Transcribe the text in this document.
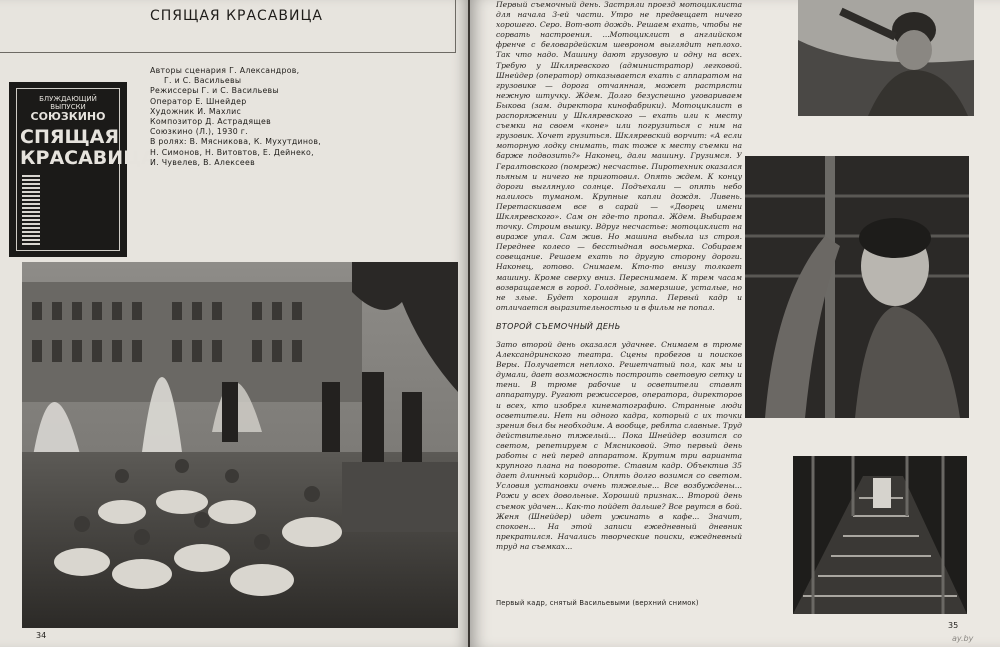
СПЯЩАЯ КРАСАВИЦА
БЛУЖДАЮЩИЙ ВЫПУСКИ
СОЮЗКИНО
СПЯЩАЯ
КРАСАВИЦА
Авторы сценария Г. Александров,
Г. и С. Васильевы
Режиссеры Г. и С. Васильевы
Оператор Е. Шнейдер
Художник И. Махлис
Композитор Д. Астрадящев
Союзкино (Л.), 1930 г.
В ролях: В. Мясникова, К. Мухутдинов,
Н. Симонов, Н. Витовтов, Е. Дейнеко,
И. Чувелев, В. Алексеев
34

Первый съемочный день. Застряли проезд мотоциклиста для начала 3-ей части. Утро не предвещает ничего хорошего. Серо. Вот-вот дождь. Решаем ехать, чтобы не сорвать настроения. ...Мотоциклист в английском френче с беловардейским шевроном выглядит неплохо. Так что надо. Машину дают грузовую и одну на всех. Требую у Шкляревского (администратор) легковой. Шнейдер (оператор) отказывается ехать с аппаратом на грузовике — дорога отчаянная, может растрясти нежную штучку. Ждем. Долго безуспешно уговариваем Быкова (зам. директора кинофабрики). Мотоциклист в распоряжении у Шкляревского — ехать или к месту съемки на своем «коне» или погрузиться с ним на грузовик. Хочет грузиться. Шкляревский ворчит: «А если моторную лодку снимать, так тоже к месту съемки на барже подвозить?» Наконец, дали машину. Грузимся. У Гералтовского (помреж) несчастье. Пиротехник оказался пьяным и ничего не приготовил. Опять ждем. К концу дороги выглянуло солнце. Подъехали — опять небо налилось туманом. Крупные капли дождя. Ливень. Перетаскиваем все в сарай — «Дворец имени Шкляревского». Сам он где-то пропал. Ждем. Выбираем точку. Строим вышку. Вдруг несчастье: мотоциклист на вираже упал. Сам жив. Но машина выбыла из строя. Переднее колесо — бесстыдная восьмерка. Собираем совещание. Решаем ехать по другую сторону дороги. Наконец, готово. Снимаем. Кто-то внизу толкает машину. Кроме сверху вниз. Переснимаем. К трем часам возвращаемся в город. Голодные, замерзшие, усталые, но не злые. Будет хорошая группа. Первый кадр и отличается выразительностью и в фильм не попал.

ВТОРОЙ СЪЕМОЧНЫЙ ДЕНЬ

Зато второй день оказался удачнее. Снимаем в трюме Александринского театра. Сцены пробегов и поисков Веры. Получается неплохо. Решетчатый пол, как мы и думали, дает возможность построить световую сетку и тени. В трюме рабочие и осветители ставят аппаратуру. Ругают режиссеров, оператора, директоров и всех, кто изобрел кинематографию. Странные люди осветители. Нет ни одного кадра, который с их точки зрения был бы необходим. А вообще, ребята славные. Труд действительно тяжелый... Пока Шнейдер возится со светом, репетируем с Мясниковой. Это первый день работы с ней перед аппаратом. Крутим три варианта крупного плана на повороте. Ставим кадр. Объектив 35 дает длинный коридор... Опять долго возимся со светом. Условия установки очень тяжелые... Все возбуждены... Рожи у всех довольные. Хороший признак... Второй день съемок удачен... Как-то пойдет дальше? Все рвутся в бой. Женя (Шнейдер) идет ужинать в кафе... Значит, спокоен... На этой записи ежедневный дневник прекратился. Начались творческие поиски, ежедневный труд на съемках...

Первый кадр, снятый Васильевыми (верхний снимок)
35
ay.by
